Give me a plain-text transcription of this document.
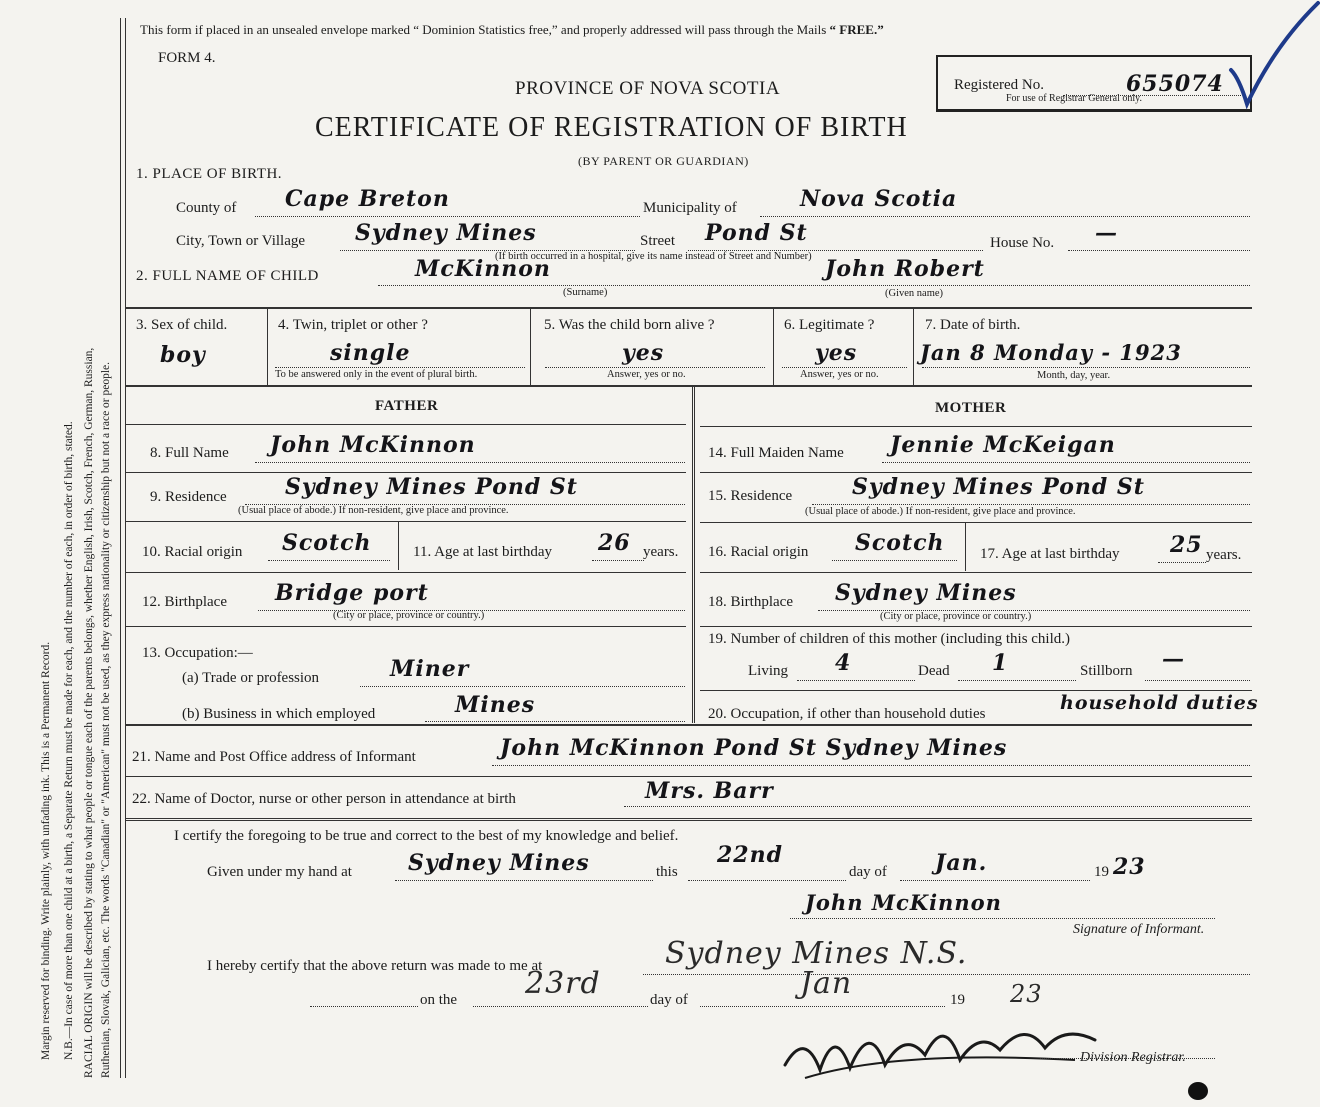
Margin reserved for binding. Write plainly, with unfading ink. This is a Permanent Record. N.B.—In case of more than one child at a birth, a Separate Return must be made for each, and the number of each, in order of birth, stated. RACIAL ORIGIN will be described by stating to what people or tongue each of the parents belongs, whether English, Irish, Scotch, French, German, Russian, Ruthenian, Slovak, Galician, etc. The words "Canadian" or "American" must not be used, as they express nationality or citizenship but not a race or people.
This form if placed in an unsealed envelope marked “ Dominion Statistics free,” and properly addressed will pass through the Mails “ FREE.”
FORM 4.
PROVINCE OF NOVA SCOTIA
CERTIFICATE OF REGISTRATION OF BIRTH
(BY PARENT OR GUARDIAN)
Registered No.	655074
For use of Registrar General only.
1. PLACE OF BIRTH.
County of Cape Breton	Municipality of	Nova Scotia
City, Town or Village Sydney Mines	Street Pond St
(If birth occurred in a hospital, give its name instead of Street and Number)
House No. —
2. FULL NAME OF CHILD	McKinnon
(Surname)
John Robert
(Given name)
3. Sex of child.
boy
4. Twin, triplet or other ?
single
To be answered only in the event of plural birth.
5. Was the child born alive ?
yes
Answer, yes or no.
6. Legitimate ?
yes
Answer, yes or no.
7. Date of birth.
Jan 8 Monday - 1923
Month, day, year.
FATHER
8. Full Name John McKinnon
9. Residence	Sydney Mines Pond St
(Usual place of abode.) If non-resident, give place and province.
10. Racial origin Scotch	11. Age at last birthday 26 years.
12. Birthplace Bridge port
(City or place, province or country.)
13. Occupation:—
(a) Trade or profession	Miner
(b) Business in which employed	Mines
MOTHER
14. Full Maiden Name Jennie McKeigan
15. Residence	Sydney Mines Pond St
(Usual place of abode.) If non-resident, give place and province.
16. Racial origin Scotch 17. Age at last birthday 25 years.
18. Birthplace Sydney Mines
(City or place, province or country.)
19. Number of children of this mother (including this child.)
Living 4	Dead 1	Stillborn —
20. Occupation, if other than household duties	household duties
21. Name and Post Office address of Informant	John McKinnon Pond St Sydney Mines
22. Name of Doctor, nurse or other person in attendance at birth	Mrs. Barr
I certify the foregoing to be true and correct to the best of my knowledge and belief.
Given under my hand at	Sydney Mines	this
22nd
day of Jan.	19 23
John McKinnon
Signature of Informant.
I hereby certify that the above return was made to me at	Sydney Mines N.S.
on the 23rd	day of	Jan	19 23
Division Registrar.
